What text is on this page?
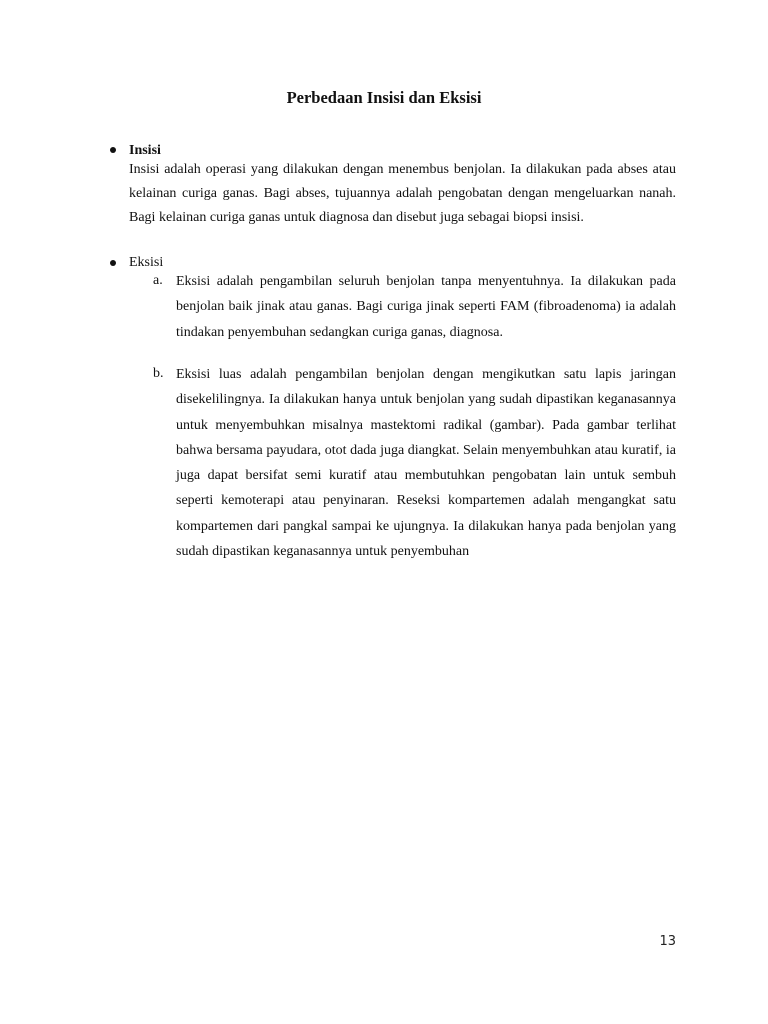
Perbedaan Insisi dan Eksisi
Insisi

Insisi adalah operasi yang dilakukan dengan menembus benjolan. Ia dilakukan pada abses atau kelainan curiga ganas. Bagi abses, tujuannya adalah pengobatan dengan mengeluarkan nanah. Bagi kelainan curiga ganas untuk diagnosa dan disebut juga sebagai biopsi insisi.

Eksisi
a. Eksisi adalah pengambilan seluruh benjolan tanpa menyentuhnya. Ia dilakukan pada benjolan baik jinak atau ganas. Bagi curiga jinak seperti FAM (fibroadenoma) ia adalah tindakan penyembuhan sedangkan curiga ganas, diagnosa.

b. Eksisi luas adalah pengambilan benjolan dengan mengikutkan satu lapis jaringan disekelilingnya. Ia dilakukan hanya untuk benjolan yang sudah dipastikan keganasannya untuk menyembuhkan misalnya mastektomi radikal (gambar). Pada gambar terlihat bahwa bersama payudara, otot dada juga diangkat. Selain menyembuhkan atau kuratif, ia juga dapat bersifat semi kuratif atau membutuhkan pengobatan lain untuk sembuh seperti kemoterapi atau penyinaran. Reseksi kompartemen adalah mengangkat satu kompartemen dari pangkal sampai ke ujungnya. Ia dilakukan hanya pada benjolan yang sudah dipastikan keganasannya untuk penyembuhan

13
